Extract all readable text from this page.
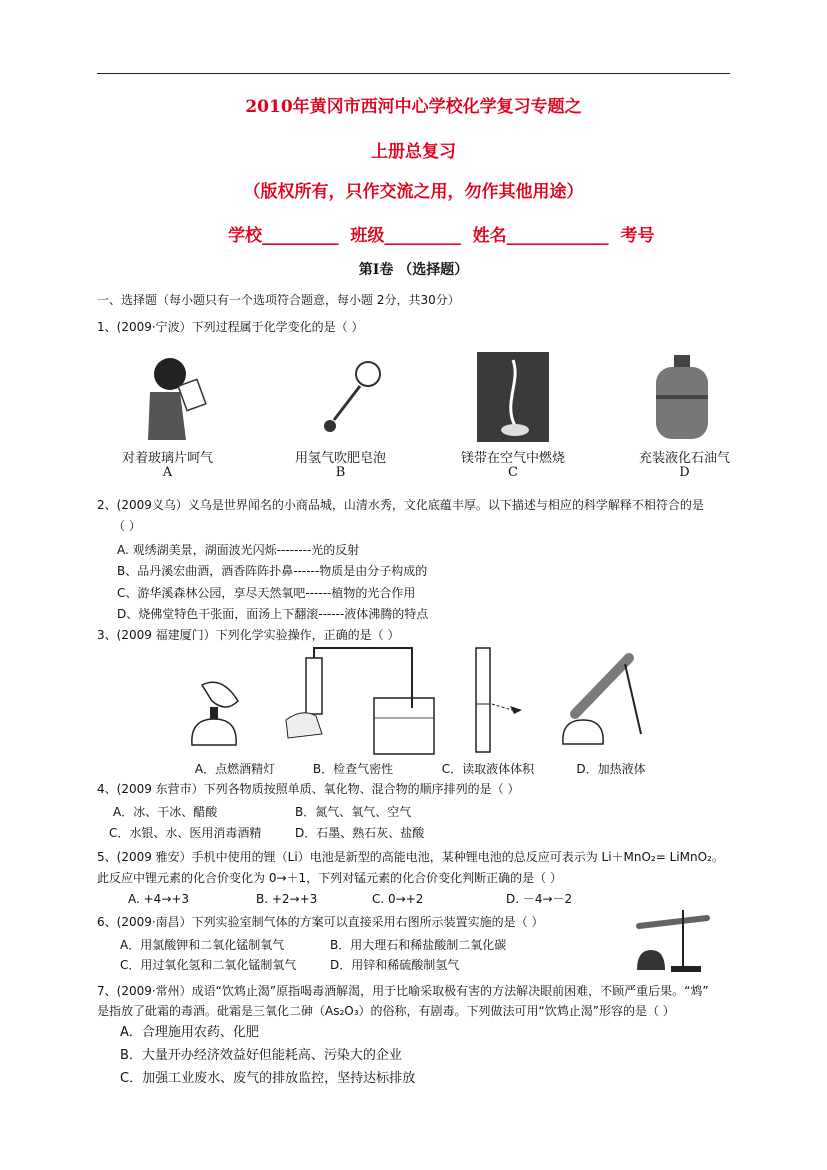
2010年黄冈市西河中心学校化学复习专题之
上册总复习
（版权所有，只作交流之用，勿作其他用途）
学校_________  班级_________  姓名____________  考号
第Ⅰ卷 （选择题）
一、选择题（每小题只有一个选项符合题意，每小题 2分，共30分）
1、(2009·宁波）下列过程属于化学变化的是（ ）
对着玻璃片呵气	用氢气吹肥皂泡	镁带在空气中燃烧	充装液化石油气
A	B	C	D
2、(2009义乌）义乌是世界闻名的小商品城，山清水秀，文化底蕴丰厚。以下描述与相应的科学解释不相符合的是
（ ）
A. 观绣湖美景，湖面波光闪烁--------光的反射
B、品丹溪宏曲酒，酒香阵阵扑鼻------物质是由分子构成的
C、游华溪森林公园，享尽天然氧吧------植物的光合作用
D、烧佛堂特色干张面，面汤上下翻滚------液体沸腾的特点
3、(2009 福建厦门）下列化学实验操作，正确的是（ ）
A．点燃酒精灯	B．检查气密性	C．读取液体体积	D．加热液体
4、(2009 东营市）下列各物质按照单质、氧化物、混合物的顺序排列的是（ ）
A．冰、干冰、醋酸	B．氮气、氧气、空气
C．水银、水、医用消毒酒精	D．石墨、熟石灰、盐酸
5、(2009 雅安）手机中使用的锂（Li）电池是新型的高能电池，某种锂电池的总反应可表示为 Li＋MnO₂= LiMnO₂。
此反应中锂元素的化合价变化为 0→＋1，下列对锰元素的化合价变化判断正确的是（ ）
A. +4→+3	B. +2→+3	C. 0→+2	D. －4→－2
6、(2009·南昌）下列实验室制气体的方案可以直接采用右图所示装置实施的是（ ）
A．用氯酸钾和二氧化锰制氧气	B．用大理石和稀盐酸制二氧化碳
C．用过氧化氢和二氧化锰制氧气	D．用锌和稀硫酸制氢气
7、(2009·常州）成语“饮鸩止渴”原指喝毒酒解渴，用于比喻采取极有害的方法解决眼前困难，不顾严重后果。“鸩”
是指放了砒霜的毒酒。砒霜是三氧化二砷（As₂O₃）的俗称，有剧毒。下列做法可用“饮鸩止渴”形容的是（ ）
A．合理施用农药、化肥
B．大量开办经济效益好但能耗高、污染大的企业
C．加强工业废水、废气的排放监控，坚持达标排放
